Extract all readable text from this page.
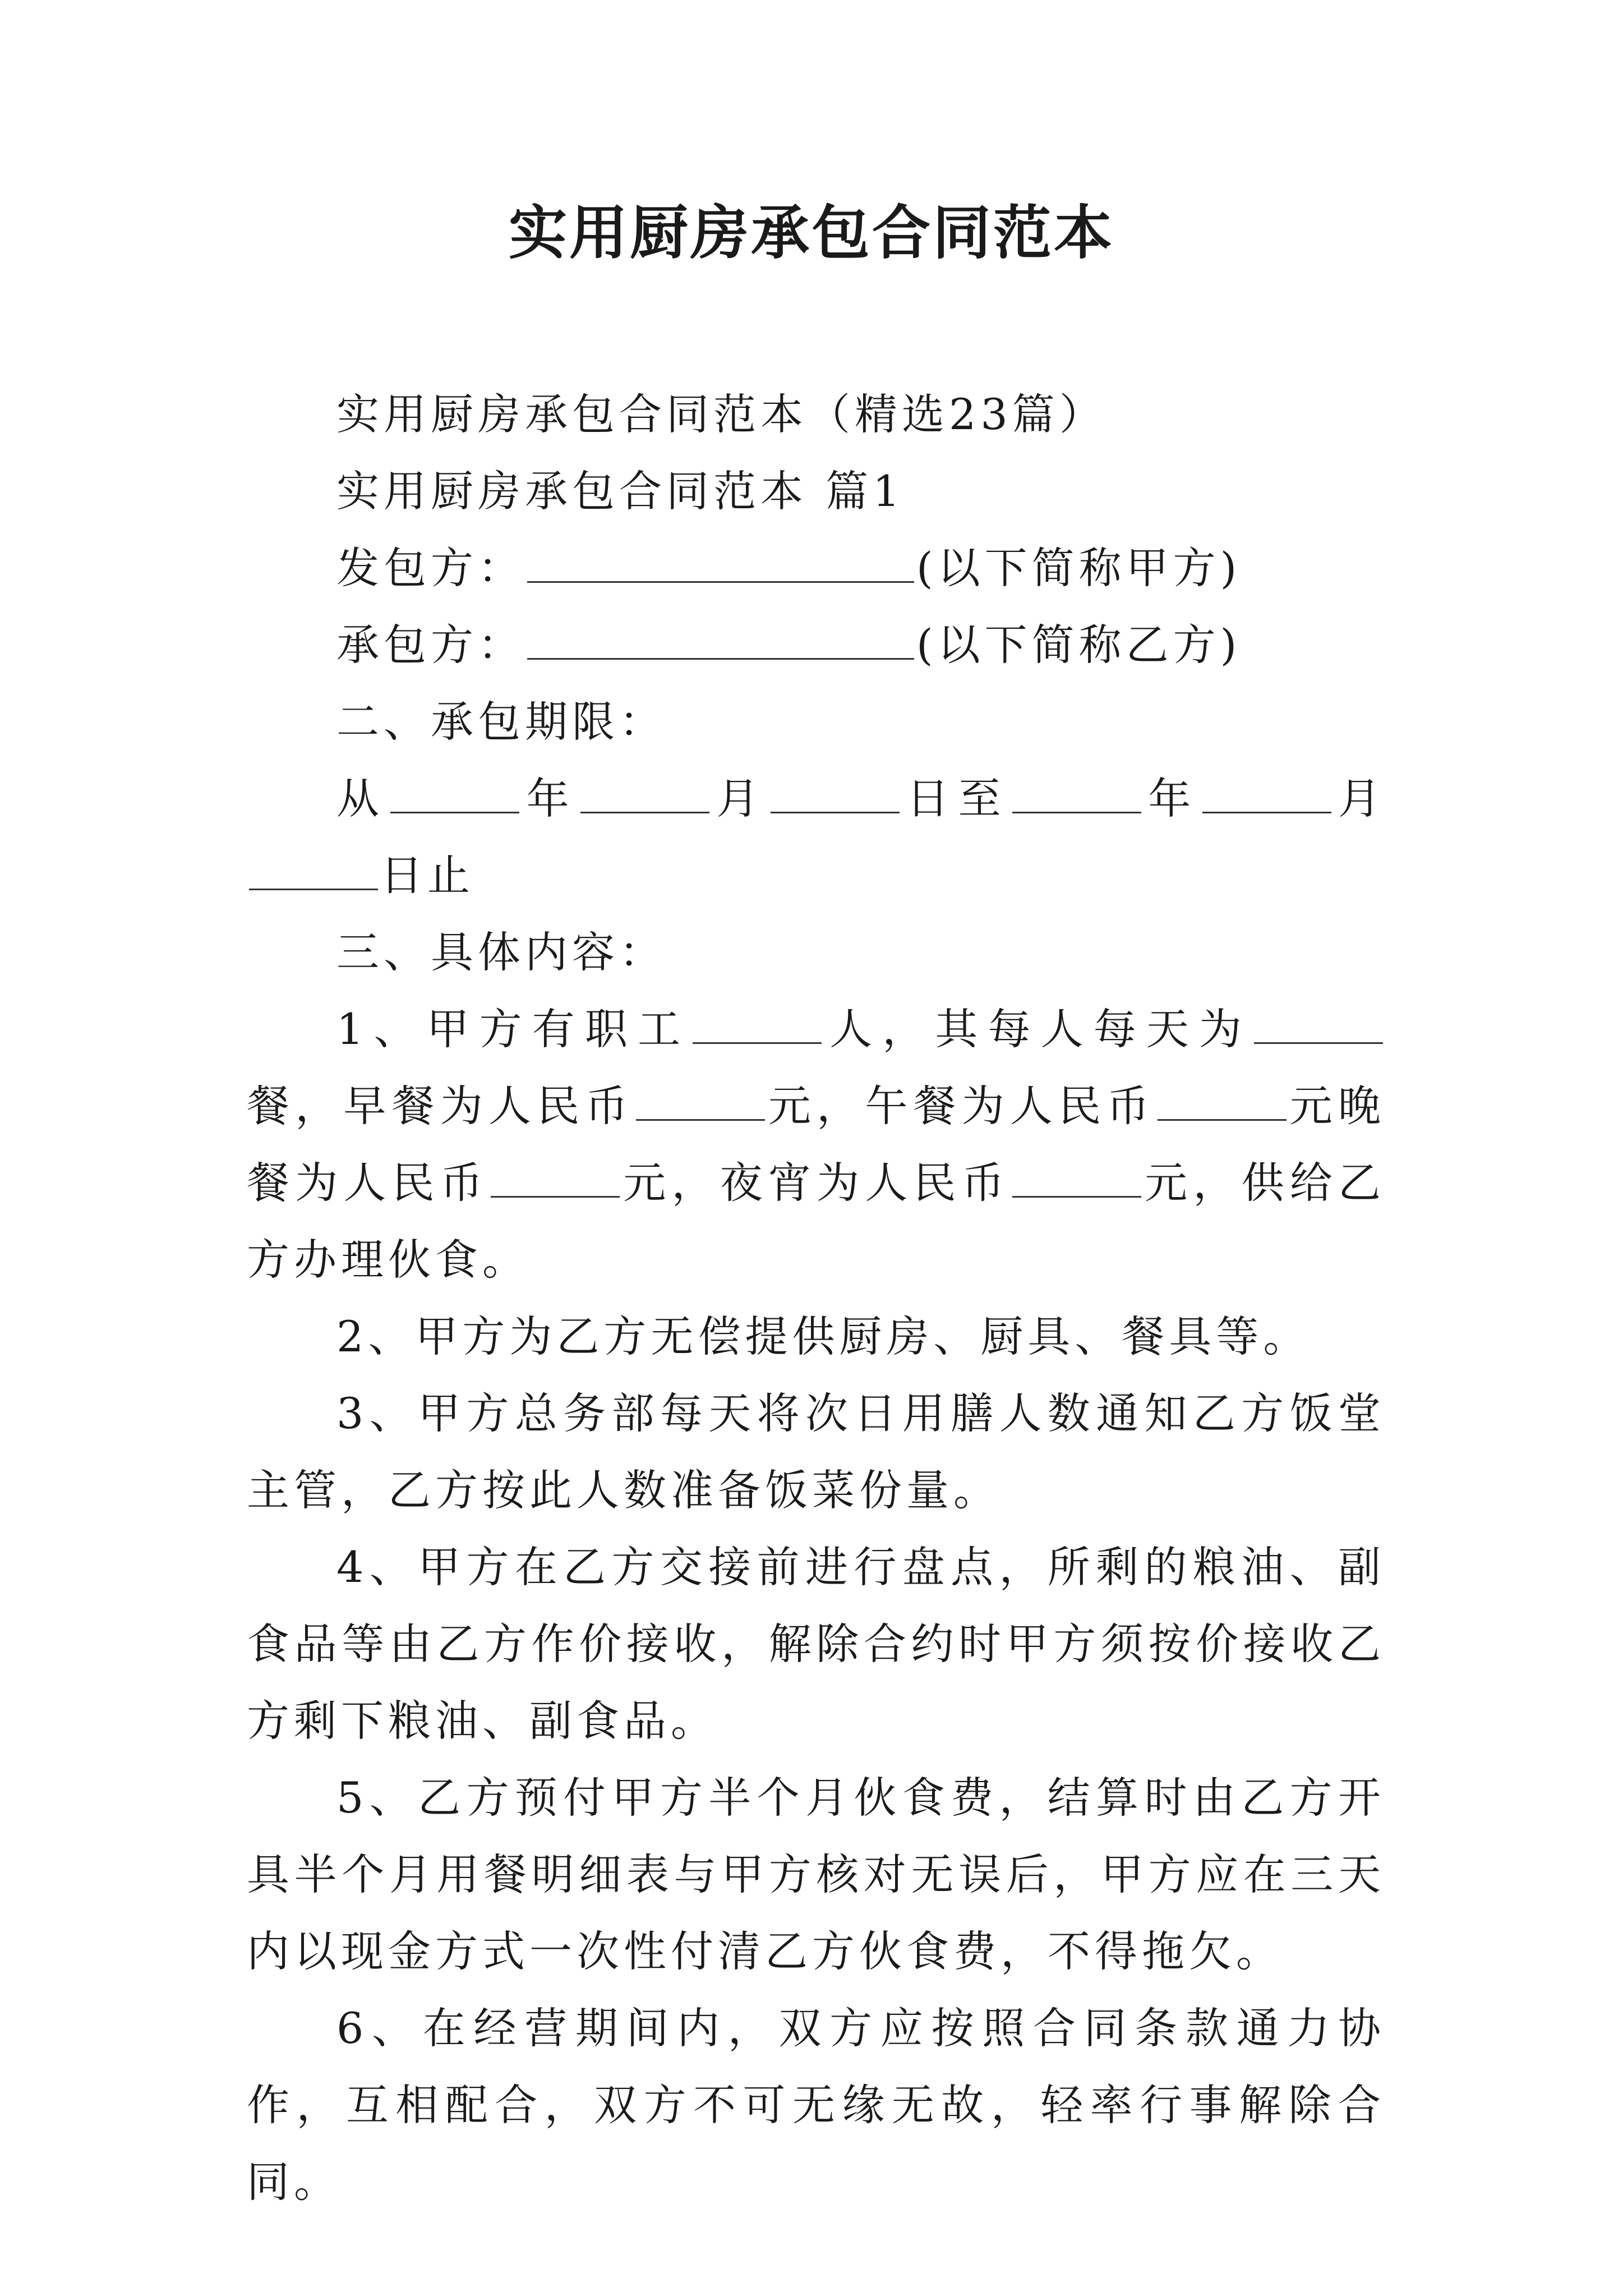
实用厨房承包合同范本

实用厨房承包合同范本（精选23篇）

实用厨房承包合同范本 篇1

发包方：	(以下简称甲方)

承包方：	(以下简称乙方)

二、承包期限：

从	年	月	日至	年	月日止

三、具体内容：

1、甲方有职工	人，其每人每天为餐，早餐为人民币	元，午餐为人民币	元晚餐为人民币	元，夜宵为人民币	元，供给乙方办理伙食。

2、甲方为乙方无偿提供厨房、厨具、餐具等。

3、甲方总务部每天将次日用膳人数通知乙方饭堂主管，乙方按此人数准备饭菜份量。

4、甲方在乙方交接前进行盘点，所剩的粮油、副食品等由乙方作价接收，解除合约时甲方须按价接收乙方剩下粮油、副食品。

5、乙方预付甲方半个月伙食费，结算时由乙方开具半个月用餐明细表与甲方核对无误后，甲方应在三天内以现金方式一次性付清乙方伙食费，不得拖欠。

6、在经营期间内，双方应按照合同条款通力协作，互相配合，双方不可无缘无故，轻率行事解除合同。
